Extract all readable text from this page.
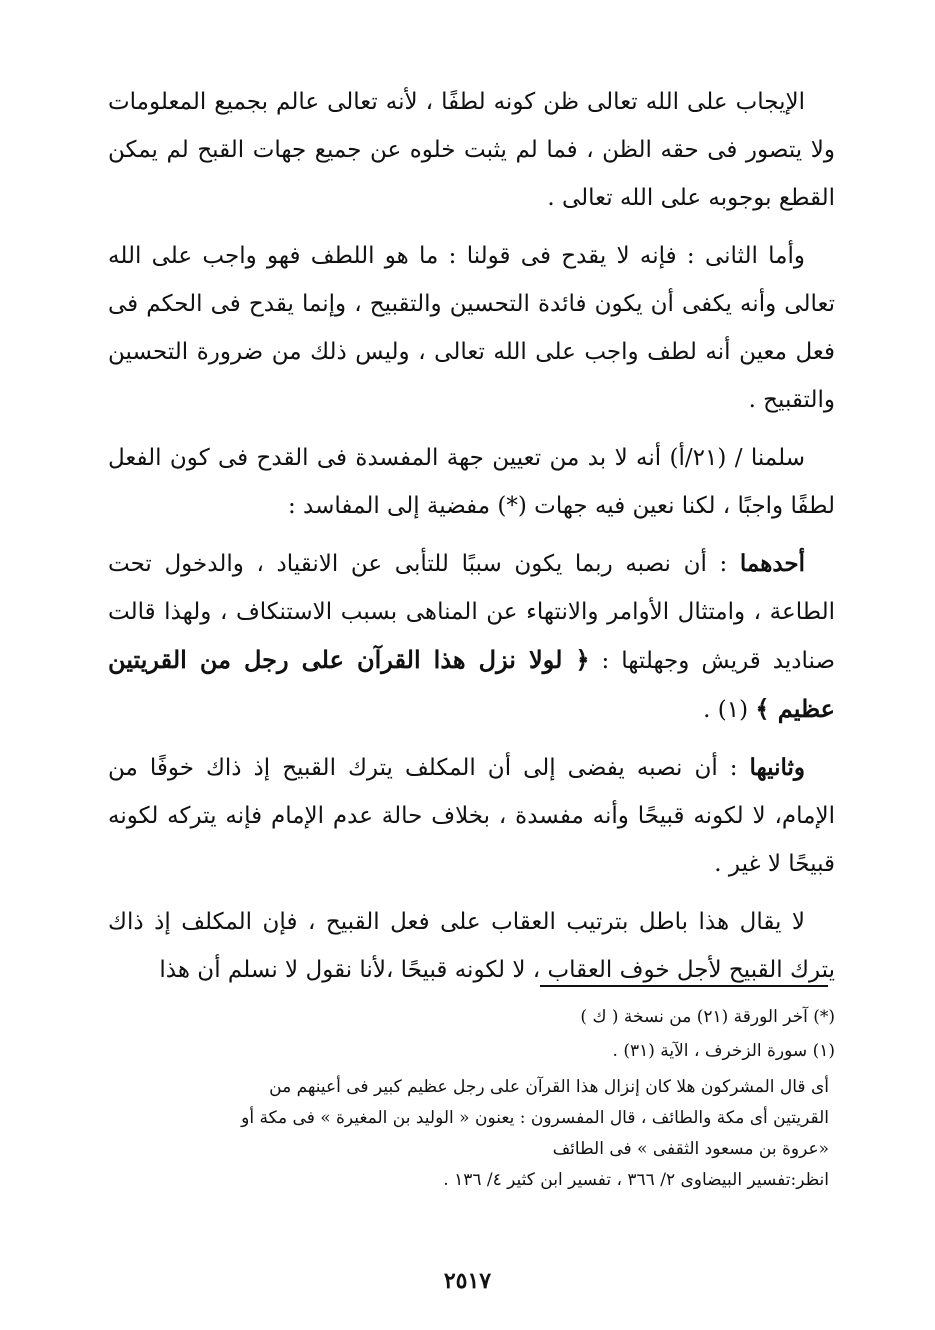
الإيجاب على الله تعالى ظن كونه لطفًا ، لأنه تعالى عالم بجميع المعلومات ولا يتصور فى حقه الظن ، فما لم يثبت خلوه عن جميع جهات القبح لم يمكن القطع بوجوبه على الله تعالى .

وأما الثانى : فإنه لا يقدح فى قولنا : ما هو اللطف فهو واجب على الله تعالى وأنه يكفى أن يكون فائدة التحسين والتقبيح ، وإنما يقدح فى الحكم فى فعل معين أنه لطف واجب على الله تعالى ، وليس ذلك من ضرورة التحسين والتقبيح .

سلمنا / (٢١/أ) أنه لا بد من تعيين جهة المفسدة فى القدح فى كون الفعل لطفًا واجبًا ، لكنا نعين فيه جهات (*) مفضية إلى المفاسد :

أحدهما : أن نصبه ربما يكون سببًا للتأبى عن الانقياد ، والدخول تحت الطاعة ، وامتثال الأوامر والانتهاء عن المناهى بسبب الاستنكاف ، ولهذا قالت صناديد قريش وجهلتها : ﴿ لولا نزل هذا القرآن على رجل من القريتين عظيم ﴾ (١) .

وثانيها : أن نصبه يفضى إلى أن المكلف يترك القبيح إذ ذاك خوفًا من الإمام، لا لكونه قبيحًا وأنه مفسدة ، بخلاف حالة عدم الإمام فإنه يتركه لكونه قبيحًا لا غير .

لا يقال هذا باطل بترتيب العقاب على فعل القبيح ، فإن المكلف إذ ذاك يترك القبيح لأجل خوف العقاب ، لا لكونه قبيحًا ،لأنا نقول لا نسلم أن هذا

(*) آخر الورقة (٢١) من نسخة ( ك )

(١) سورة الزخرف ، الآية (٣١) .

أى قال المشركون هلا كان إنزال هذا القرآن على رجل عظيم كبير فى أعينهم من

القريتين أى مكة والطائف ، قال المفسرون : يعنون « الوليد بن المغيرة » فى مكة أو

«عروة بن مسعود الثقفى » فى الطائف

انظر:تفسير البيضاوى ٢/ ٣٦٦ ، تفسير ابن كثير ٤/ ١٣٦ .

٢٥١٧
